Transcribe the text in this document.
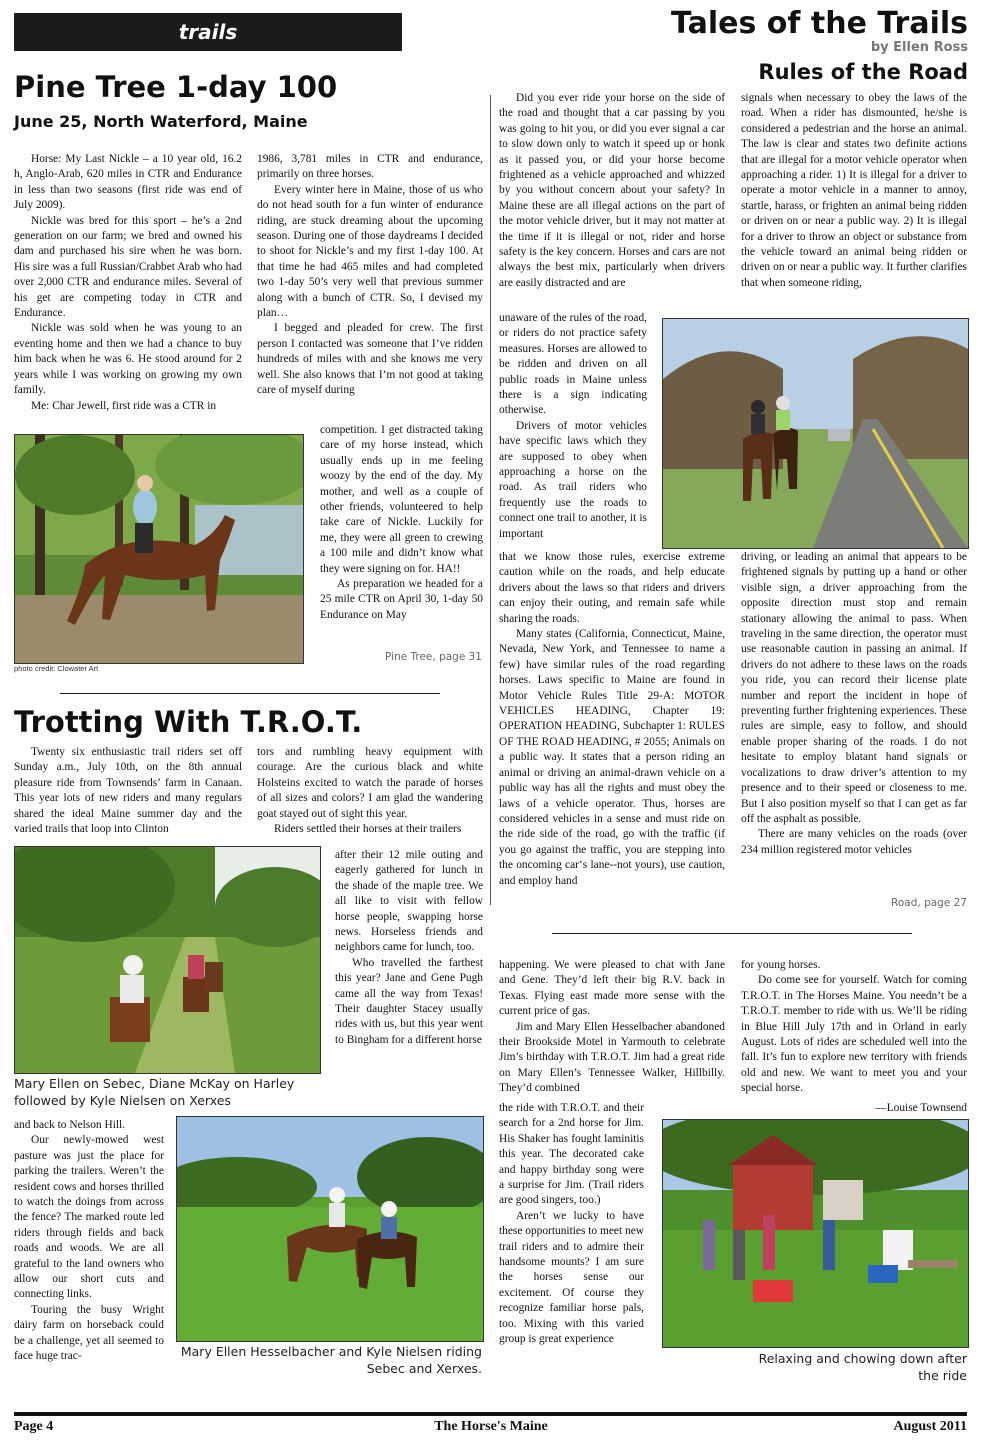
trails	Tales of the Trails
by Ellen Ross
Rules of the Road
Pine Tree 1-day 100
June 25, North Waterford, Maine

Horse: My Last Nickle – a 10 year old, 16.2 h, Anglo-Arab, 620 miles in CTR and Endurance in less than two seasons (first ride was end of July 2009).

Nickle was bred for this sport – he’s a 2nd generation on our farm; we bred and owned his dam and purchased his sire when he was born. His sire was a full Russian/Crabbet Arab who had over 2,000 CTR and endurance miles. Several of his get are competing today in CTR and Endurance.

Nickle was sold when he was young to an eventing home and then we had a chance to buy him back when he was 6. He stood around for 2 years while I was working on growing my own family.

Me: Char Jewell, first ride was a CTR in

1986, 3,781 miles in CTR and endurance, primarily on three horses.

Every winter here in Maine, those of us who do not head south for a fun winter of endurance riding, are stuck dreaming about the upcoming season. During one of those daydreams I decided to shoot for Nickle’s and my first 1-day 100. At that time he had 465 miles and had completed two 1-day 50’s very well that previous summer along with a bunch of CTR. So, I devised my plan…

I begged and pleaded for crew. The first person I contacted was someone that I’ve ridden hundreds of miles with and she knows me very well. She also knows that I’m not good at taking care of myself during

competition. I get distracted taking care of my horse instead, which usually ends up in me feeling woozy by the end of the day. My mother, and well as a couple of other friends, volunteered to help take care of Nickle. Luckily for me, they were all green to crewing a 100 mile and didn’t know what they were signing on for. HA!!

As preparation we headed for a 25 mile CTR on April 30, 1-day 50 Endurance on May

Pine Tree, page 31
photo credit: Clowater Art
Trotting With T.R.O.T.

Twenty six enthusiastic trail riders set off Sunday a.m., July 10th, on the 8th annual pleasure ride from Townsends’ farm in Canaan. This year lots of new riders and many regulars shared the ideal Maine summer day and the varied trails that loop into Clinton

tors and rumbling heavy equipment with courage. Are the curious black and white Holsteins excited to watch the parade of horses of all sizes and colors? I am glad the wandering goat stayed out of sight this year.

Riders settled their horses at their trailers

after their 12 mile outing and eagerly gathered for lunch in the shade of the maple tree. We all like to visit with fellow horse people, swapping horse news. Horseless friends and neighbors came for lunch, too.

Who travelled the farthest this year? Jane and Gene Pugh came all the way from Texas! Their daughter Stacey usually rides with us, but this year went to Bingham for a different horse

Mary Ellen on Sebec, Diane McKay on Harley followed by Kyle Nielsen on Xerxes

and back to Nelson Hill.

Our newly-mowed west pasture was just the place for parking the trailers. Weren’t the resident cows and horses thrilled to watch the doings from across the fence? The marked route led riders through fields and back roads and woods. We are all grateful to the land owners who allow our short cuts and connecting links.

Touring the busy Wright dairy farm on horseback could be a challenge, yet all seemed to face huge trac-	Mary Ellen Hesselbacher and Kyle Nielsen riding Sebec and Xerxes.

happening. We were pleased to chat with Jane and Gene. They’d left their big R.V. back in Texas. Flying east made more sense with the current price of gas.

Jim and Mary Ellen Hesselbacher abandoned their Brookside Motel in Yarmouth to celebrate Jim’s birthday with T.R.O.T. Jim had a great ride on Mary Ellen’s Tennessee Walker, Hillbilly. They’d combined

the ride with T.R.O.T. and their search for a 2nd horse for Jim. His Shaker has fought laminitis this year. The decorated cake and happy birthday song were a surprise for Jim. (Trail riders are good singers, too.)

Aren’t we lucky to have these opportunities to meet new trail riders and to admire their handsome mounts? I am sure the horses sense our excitement. Of course they recognize familiar horse pals, too. Mixing with this varied group is great experience

for young horses.

Do come see for yourself. Watch for coming T.R.O.T. in The Horses Maine. You needn’t be a T.R.O.T. member to ride with us. We’ll be riding in Blue Hill July 17th and in Orland in early August. Lots of rides are scheduled well into the fall. It’s fun to explore new territory with friends old and new. We want to meet you and your special horse.

—Louise Townsend
Relaxing and chowing down after the ride

Did you ever ride your horse on the side of the road and thought that a car passing by you was going to hit you, or did you ever signal a car to slow down only to watch it speed up or honk as it passed you, or did your horse become frightened as a vehicle approached and whizzed by you without concern about your safety? In Maine these are all illegal actions on the part of the motor vehicle driver, but it may not matter at the time if it is illegal or not, rider and horse safety is the key concern. Horses and cars are not always the best mix, particularly when drivers are easily distracted and are

unaware of the rules of the road, or riders do not practice safety measures. Horses are allowed to be ridden and driven on all public roads in Maine unless there is a sign indicating otherwise.

Drivers of motor vehicles have specific laws which they are supposed to obey when approaching a horse on the road. As trail riders who frequently use the roads to connect one trail to another, it is important

that we know those rules, exercise extreme caution while on the roads, and help educate drivers about the laws so that riders and drivers can enjoy their outing, and remain safe while sharing the roads.

Many states (California, Connecticut, Maine, Nevada, New York, and Tennessee to name a few) have similar rules of the road regarding horses. Laws specific to Maine are found in Motor Vehicle Rules Title 29-A: MOTOR VEHICLES HEADING, Chapter 19: OPERATION HEADING, Subchapter 1: RULES OF THE ROAD HEADING, # 2055; Animals on a public way. It states that a person riding an animal or driving an animal-drawn vehicle on a public way has all the rights and must obey the laws of a vehicle operator. Thus, horses are considered vehicles in a sense and must ride on the ride side of the road, go with the traffic (if you go against the traffic, you are stepping into the oncoming car‘s lane--not yours), use caution, and employ hand

signals when necessary to obey the laws of the road. When a rider has dismounted, he/she is considered a pedestrian and the horse an animal. The law is clear and states two definite actions that are illegal for a motor vehicle operator when approaching a rider. 1) It is illegal for a driver to operate a motor vehicle in a manner to annoy, startle, harass, or frighten an animal being ridden or driven on or near a public way. 2) It is illegal for a driver to throw an object or substance from the vehicle toward an animal being ridden or driven on or near a public way. It further clarifies that when someone riding,

driving, or leading an animal that appears to be frightened signals by putting up a hand or other visible sign, a driver approaching from the opposite direction must stop and remain stationary allowing the animal to pass. When traveling in the same direction, the operator must use reasonable caution in passing an animal. If drivers do not adhere to these laws on the roads you ride, you can record their license plate number and report the incident in hope of preventing further frightening experiences. These rules are simple, easy to follow, and should enable proper sharing of the roads. I do not hesitate to employ blatant hand signals or vocalizations to draw driver’s attention to my presence and to their speed or closeness to me. But I also position myself so that I can get as far off the asphalt as possible.

There are many vehicles on the roads (over 234 million registered motor vehicles

Road, page 27
Page 4	The Horse's Maine	August 2011
